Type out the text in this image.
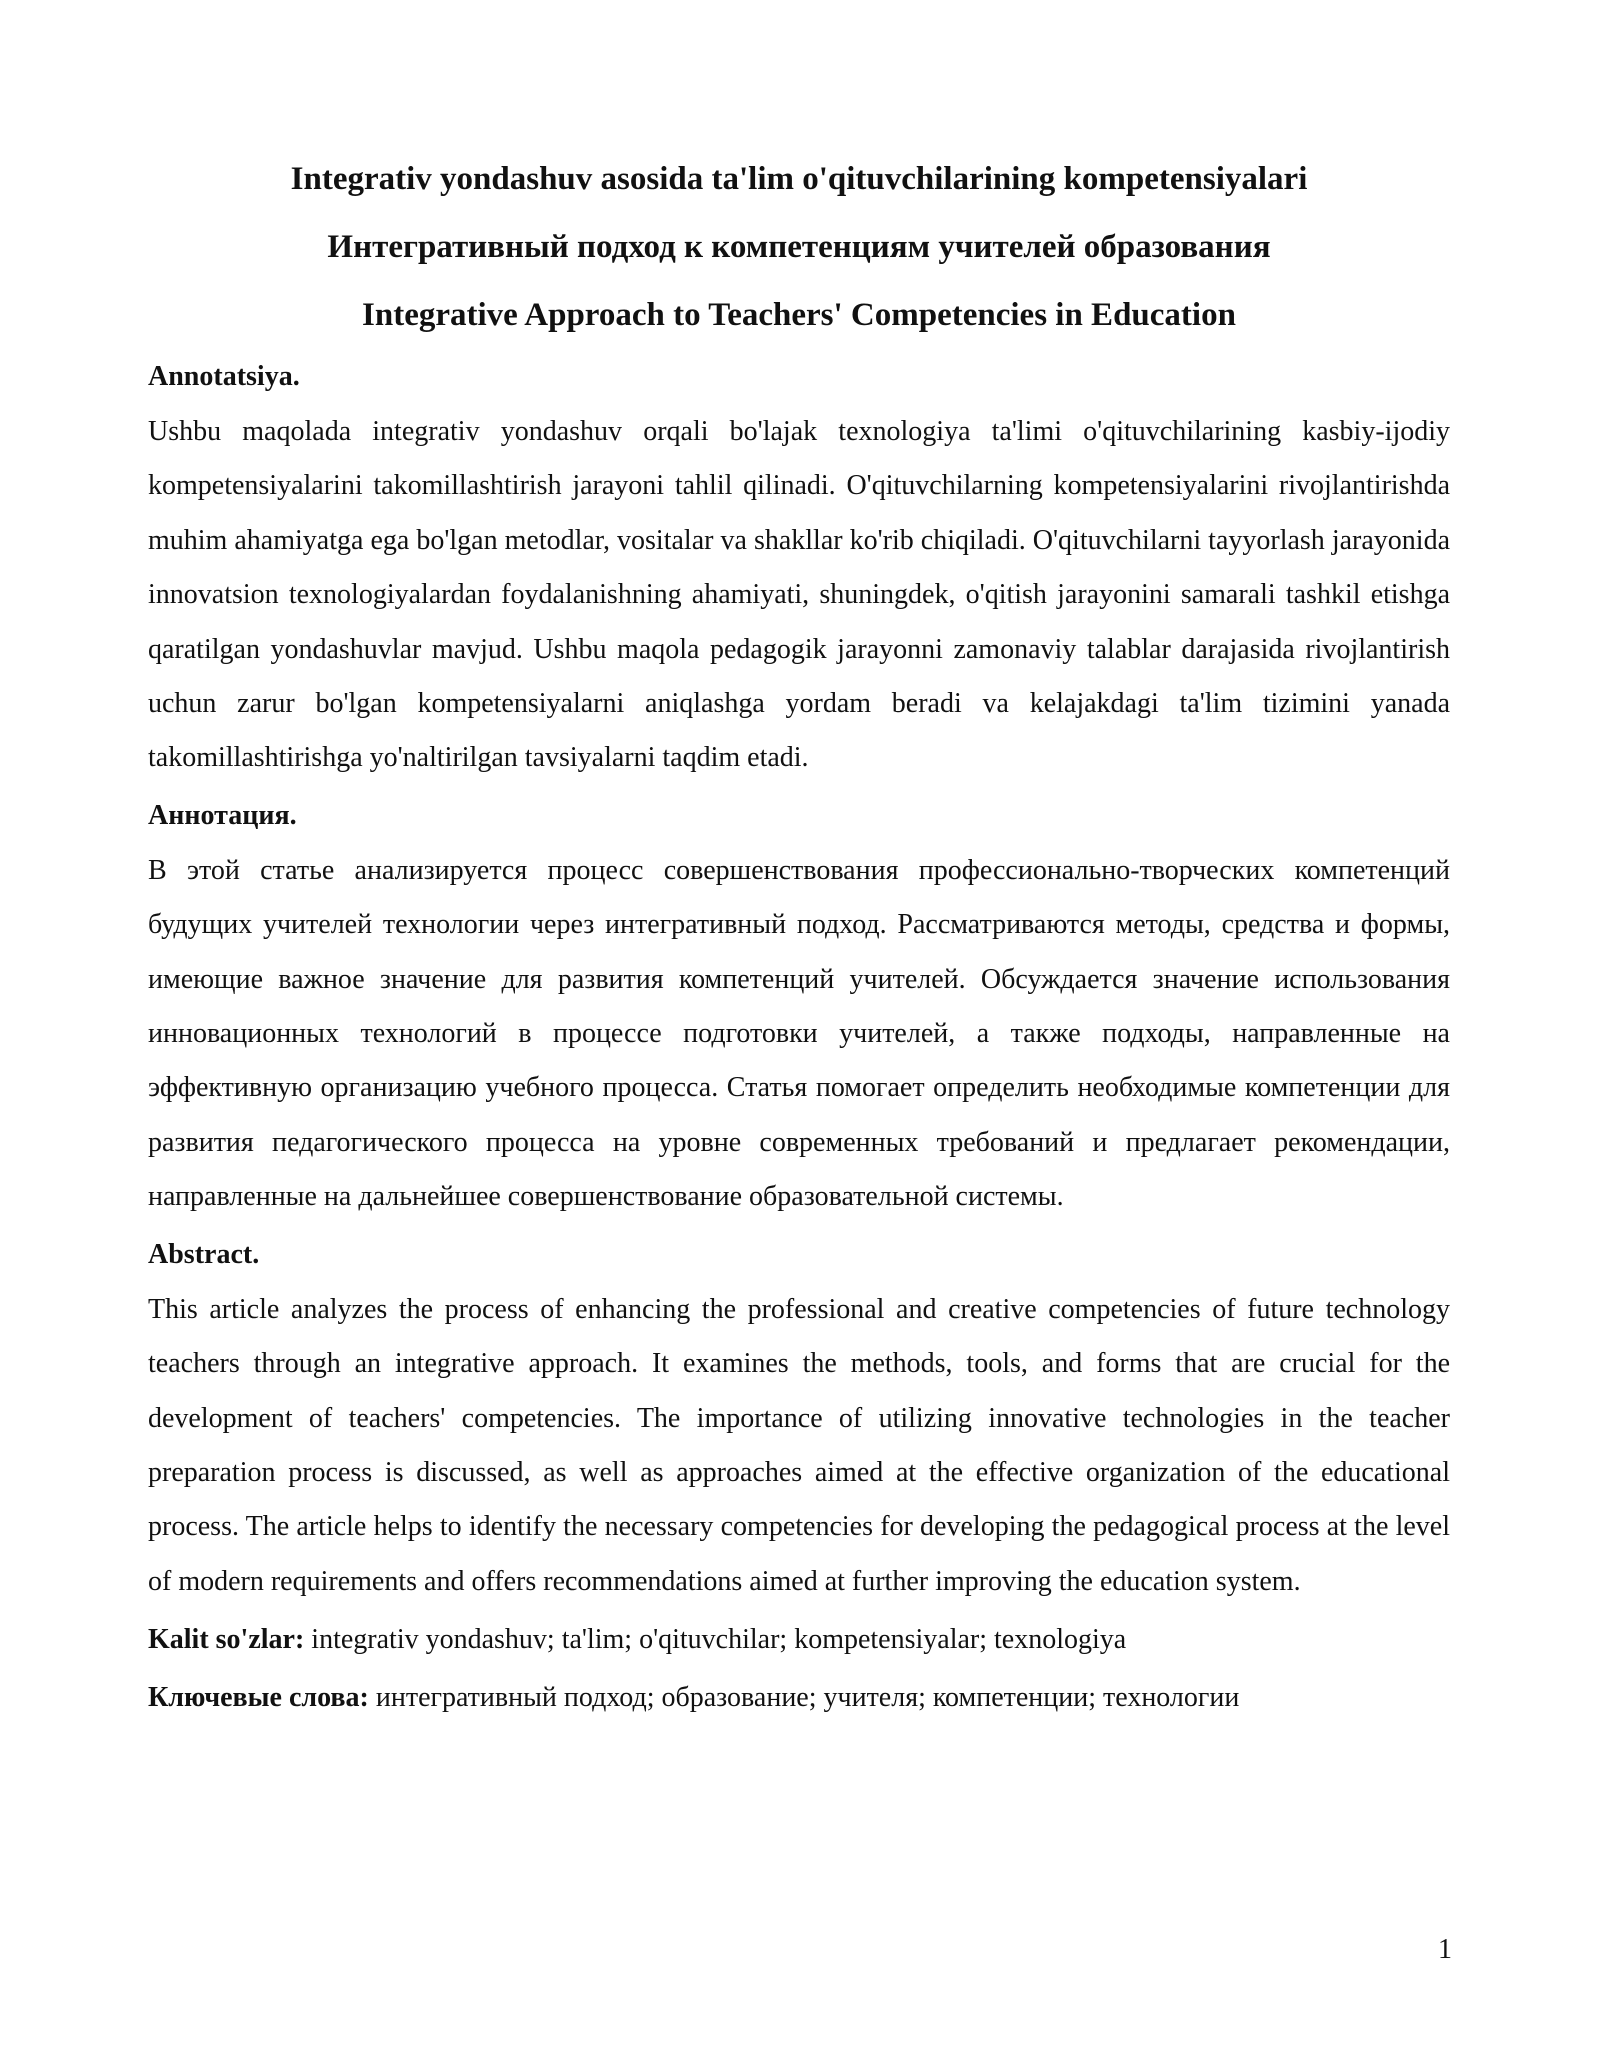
Integrativ yondashuv asosida ta'lim o'qituvchilarining kompetensiyalari
Интегративный подход к компетенциям учителей образования
Integrative Approach to Teachers' Competencies in Education
Annotatsiya.

Ushbu maqolada integrativ yondashuv orqali bo'lajak texnologiya ta'limi o'qituvchilarining kasbiy-ijodiy kompetensiyalarini takomillashtirish jarayoni tahlil qilinadi. O'qituvchilarning kompetensiyalarini rivojlantirishda muhim ahamiyatga ega bo'lgan metodlar, vositalar va shakllar ko'rib chiqiladi. O'qituvchilarni tayyorlash jarayonida innovatsion texnologiyalardan foydalanishning ahamiyati, shuningdek, o'qitish jarayonini samarali tashkil etishga qaratilgan yondashuvlar mavjud. Ushbu maqola pedagogik jarayonni zamonaviy talablar darajasida rivojlantirish uchun zarur bo'lgan kompetensiyalarni aniqlashga yordam beradi va kelajakdagi ta'lim tizimini yanada takomillashtirishga yo'naltirilgan tavsiyalarni taqdim etadi.

Аннотация.

В этой статье анализируется процесс совершенствования профессионально-творческих компетенций будущих учителей технологии через интегративный подход. Рассматриваются методы, средства и формы, имеющие важное значение для развития компетенций учителей. Обсуждается значение использования инновационных технологий в процессе подготовки учителей, а также подходы, направленные на эффективную организацию учебного процесса. Статья помогает определить необходимые компетенции для развития педагогического процесса на уровне современных требований и предлагает рекомендации, направленные на дальнейшее совершенствование образовательной системы.

Abstract.

This article analyzes the process of enhancing the professional and creative competencies of future technology teachers through an integrative approach. It examines the methods, tools, and forms that are crucial for the development of teachers' competencies. The importance of utilizing innovative technologies in the teacher preparation process is discussed, as well as approaches aimed at the effective organization of the educational process. The article helps to identify the necessary competencies for developing the pedagogical process at the level of modern requirements and offers recommendations aimed at further improving the education system.

Kalit so'zlar: integrativ yondashuv; ta'lim; o'qituvchilar; kompetensiyalar; texnologiya

Ключевые слова: интегративный подход; образование; учителя; компетенции; технологии

1
